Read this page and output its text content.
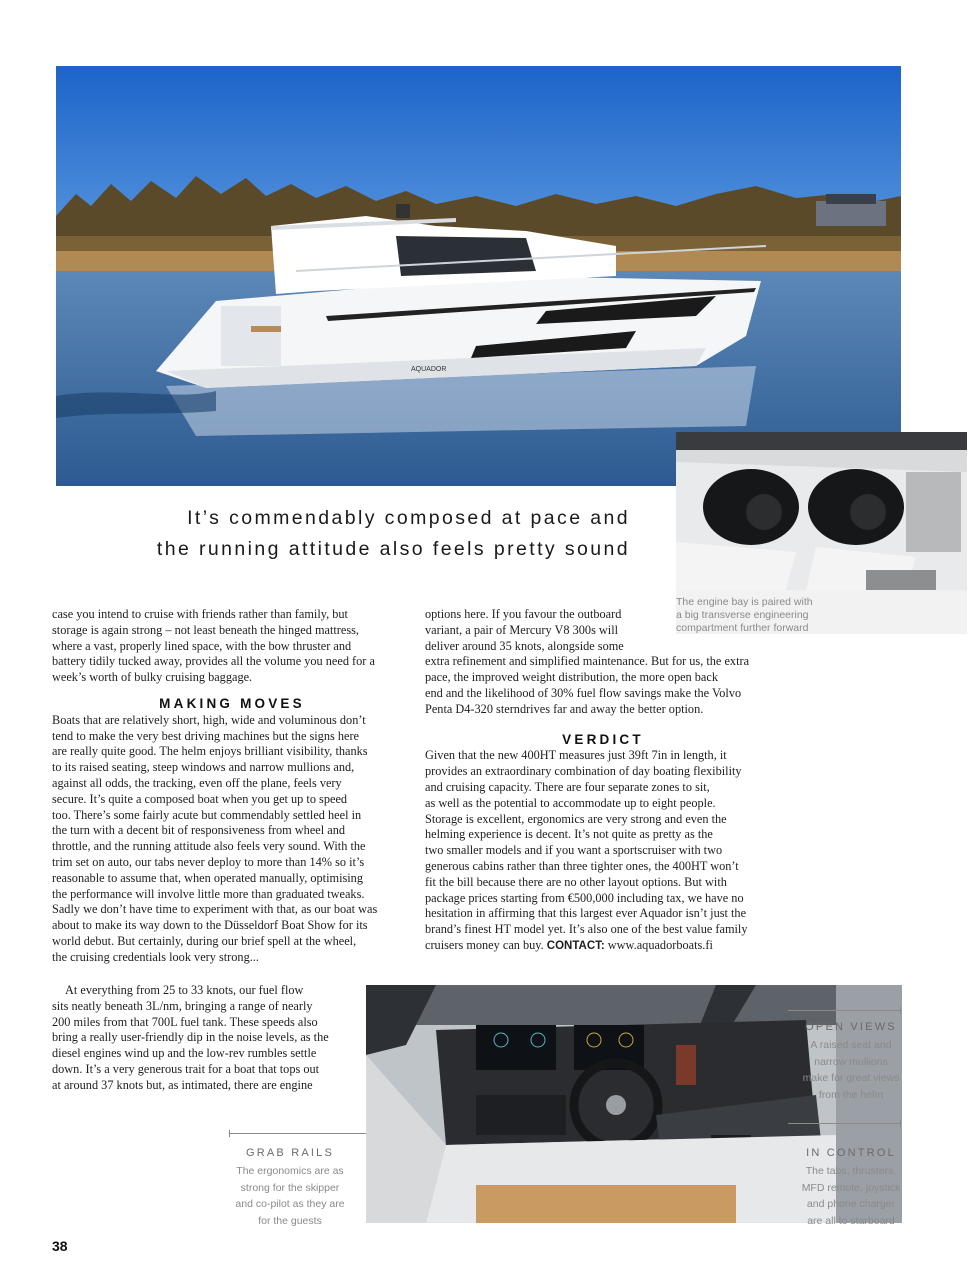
AQUADOR
The engine bay is paired with
a big transverse engineering
compartment further forward
It’s commendably composed at pace and
the running attitude also feels pretty sound

case you intend to cruise with friends rather than family, but
storage is again strong – not least beneath the hinged mattress,
where a vast, properly lined space, with the bow thruster and
battery tidily tucked away, provides all the volume you need for a
week’s worth of bulky cruising baggage.

MAKING MOVES

Boats that are relatively short, high, wide and voluminous don’t
tend to make the very best driving machines but the signs here
are really quite good. The helm enjoys brilliant visibility, thanks
to its raised seating, steep windows and narrow mullions and,
against all odds, the tracking, even off the plane, feels very
secure. It’s quite a composed boat when you get up to speed
too. There’s some fairly acute but commendably settled heel in
the turn with a decent bit of responsiveness from wheel and
throttle, and the running attitude also feels very sound. With the
trim set on auto, our tabs never deploy to more than 14% so it’s
reasonable to assume that, when operated manually, optimising
the performance will involve little more than graduated tweaks.
Sadly we don’t have time to experiment with that, as our boat was
about to make its way down to the Düsseldorf Boat Show for its
world debut. But certainly, during our brief spell at the wheel,
the cruising credentials look very strong...

At everything from 25 to 33 knots, our fuel flow
sits neatly beneath 3L/nm, bringing a range of nearly
200 miles from that 700L fuel tank. These speeds also
bring a really user-friendly dip in the noise levels, as the
diesel engines wind up and the low-rev rumbles settle
down. It’s a very generous trait for a boat that tops out
at around 37 knots but, as intimated, there are engine

options here. If you favour the outboard
variant, a pair of Mercury V8 300s will
deliver around 35 knots, alongside some
extra refinement and simplified maintenance. But for us, the extra
pace, the improved weight distribution, the more open back
end and the likelihood of 30% fuel flow savings make the Volvo
Penta D4-320 sterndrives far and away the better option.

VERDICT

Given that the new 400HT measures just 39ft 7in in length, it
provides an extraordinary combination of day boating flexibility
and cruising capacity. There are four separate zones to sit,
as well as the potential to accommodate up to eight people.
Storage is excellent, ergonomics are very strong and even the
helming experience is decent. It’s not quite as pretty as the
two smaller models and if you want a sportscruiser with two
generous cabins rather than three tighter ones, the 400HT won’t
fit the bill because there are no other layout options. But with
package prices starting from €500,000 including tax, we have no
hesitation in affirming that this largest ever Aquador isn’t just the
brand’s finest HT model yet. It’s also one of the best value family
cruisers money can buy. CONTACT: www.aquadorboats.fi

OPEN VIEWS
A raised seat and
narrow mullions
make for great views
from the helm
IN CONTROL
The tabs, thrusters,
MFD remote, joystick
and phone charger
are all to starboard
GRAB RAILS
The ergonomics are as
strong for the skipper
and co-pilot as they are
for the guests
38
